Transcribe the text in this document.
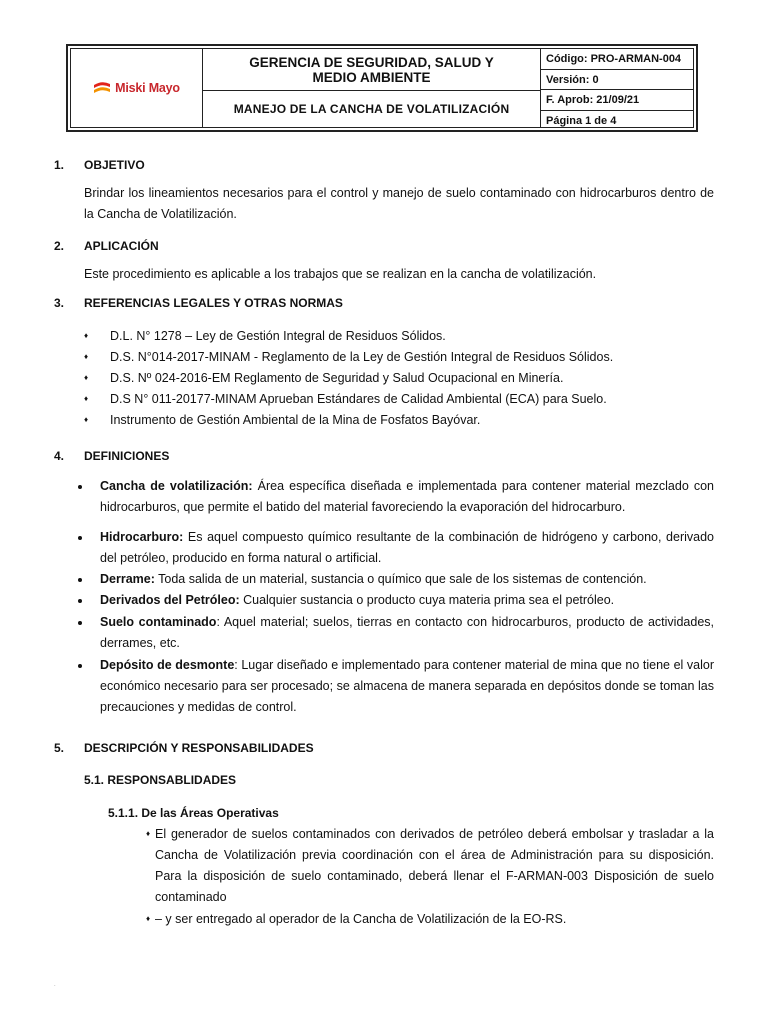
Miski Mayo
GERENCIA DE SEGURIDAD, SALUD Y MEDIO AMBIENTE
MANEJO DE LA CANCHA DE VOLATILIZACIÓN
Código: PRO-ARMAN-004
Versión: 0
F. Aprob: 21/09/21
Página 1 de 4
1. OBJETIVO
Brindar los lineamientos necesarios para el control y manejo de suelo contaminado con hidrocarburos dentro de la Cancha de Volatilización.
2. APLICACIÓN
Este procedimiento es aplicable a los trabajos que se realizan en la cancha de volatilización.
3. REFERENCIAS LEGALES Y OTRAS NORMAS
♦ D.L. N° 1278 – Ley de Gestión Integral de Residuos Sólidos.
♦ D.S. N°014-2017-MINAM - Reglamento de la Ley de Gestión Integral de Residuos Sólidos.
♦ D.S. Nº 024-2016-EM Reglamento de Seguridad y Salud Ocupacional en Minería.
♦ D.S N° 011-20177-MINAM Aprueban Estándares de Calidad Ambiental (ECA) para Suelo.
♦ Instrumento de Gestión Ambiental de la Mina de Fosfatos Bayóvar.
4. DEFINICIONES
Cancha de volatilización: Área específica diseñada e implementada para contener material mezclado con hidrocarburos, que permite el batido del material favoreciendo la evaporación del hidrocarburo.
Hidrocarburo: Es aquel compuesto químico resultante de la combinación de hidrógeno y carbono, derivado del petróleo, producido en forma natural o artificial.
Derrame: Toda salida de un material, sustancia o químico que sale de los sistemas de contención.
Derivados del Petróleo: Cualquier sustancia o producto cuya materia prima sea el petróleo.
Suelo contaminado: Aquel material; suelos, tierras en contacto con hidrocarburos, producto de actividades, derrames, etc.
Depósito de desmonte: Lugar diseñado e implementado para contener material de mina que no tiene el valor económico necesario para ser procesado; se almacena de manera separada en depósitos donde se toman las precauciones y medidas de control.
5. DESCRIPCIÓN Y RESPONSABILIDADES
5.1. RESPONSABLIDADES
5.1.1. De las Áreas Operativas
♦ El generador de suelos contaminados con derivados de petróleo deberá embolsar y trasladar a la Cancha de Volatilización previa coordinación con el área de Administración para su disposición. Para la disposición de suelo contaminado, deberá llenar el F-ARMAN-003 Disposición de suelo contaminado
♦ – y ser entregado al operador de la Cancha de Volatilización de la EO-RS.
.
